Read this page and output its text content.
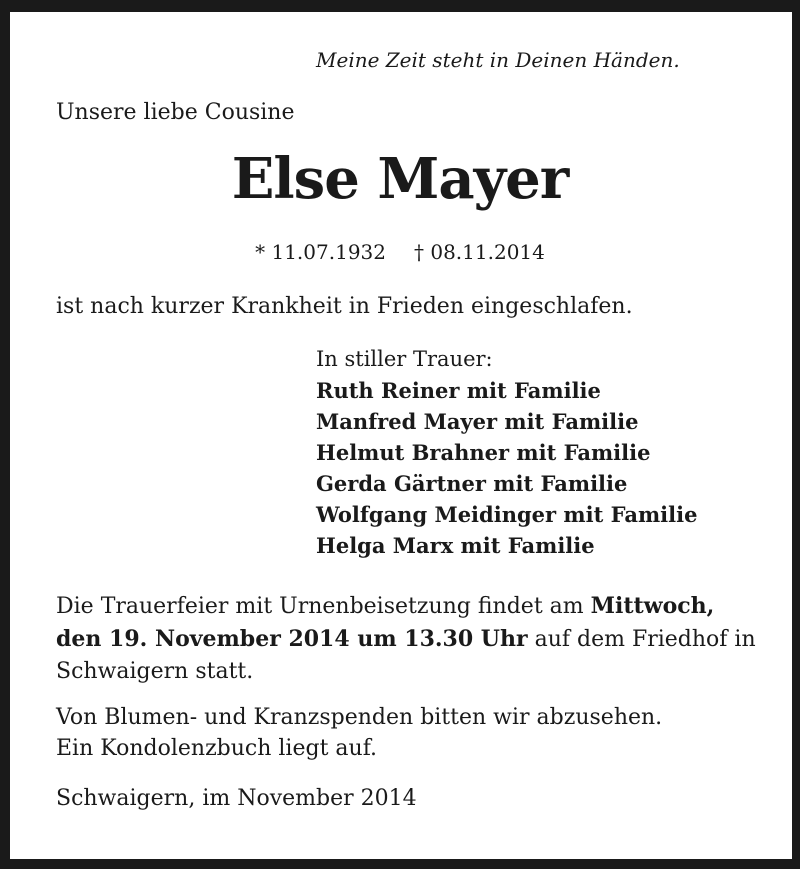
Meine Zeit steht in Deinen Händen.
Unsere liebe Cousine
Else Mayer
* 11.07.1932 † 08.11.2014
ist nach kurzer Krankheit in Frieden eingeschlafen.
In stiller Trauer:
Ruth Reiner mit Familie
Manfred Mayer mit Familie
Helmut Brahner mit Familie
Gerda Gärtner mit Familie
Wolfgang Meidinger mit Familie
Helga Marx mit Familie
Die Trauerfeier mit Urnenbeisetzung findet am Mittwoch,
den 19. November 2014 um 13.30 Uhr auf dem Friedhof in
Schwaigern statt.
Von Blumen- und Kranzspenden bitten wir abzusehen.
Ein Kondolenzbuch liegt auf.
Schwaigern, im November 2014
